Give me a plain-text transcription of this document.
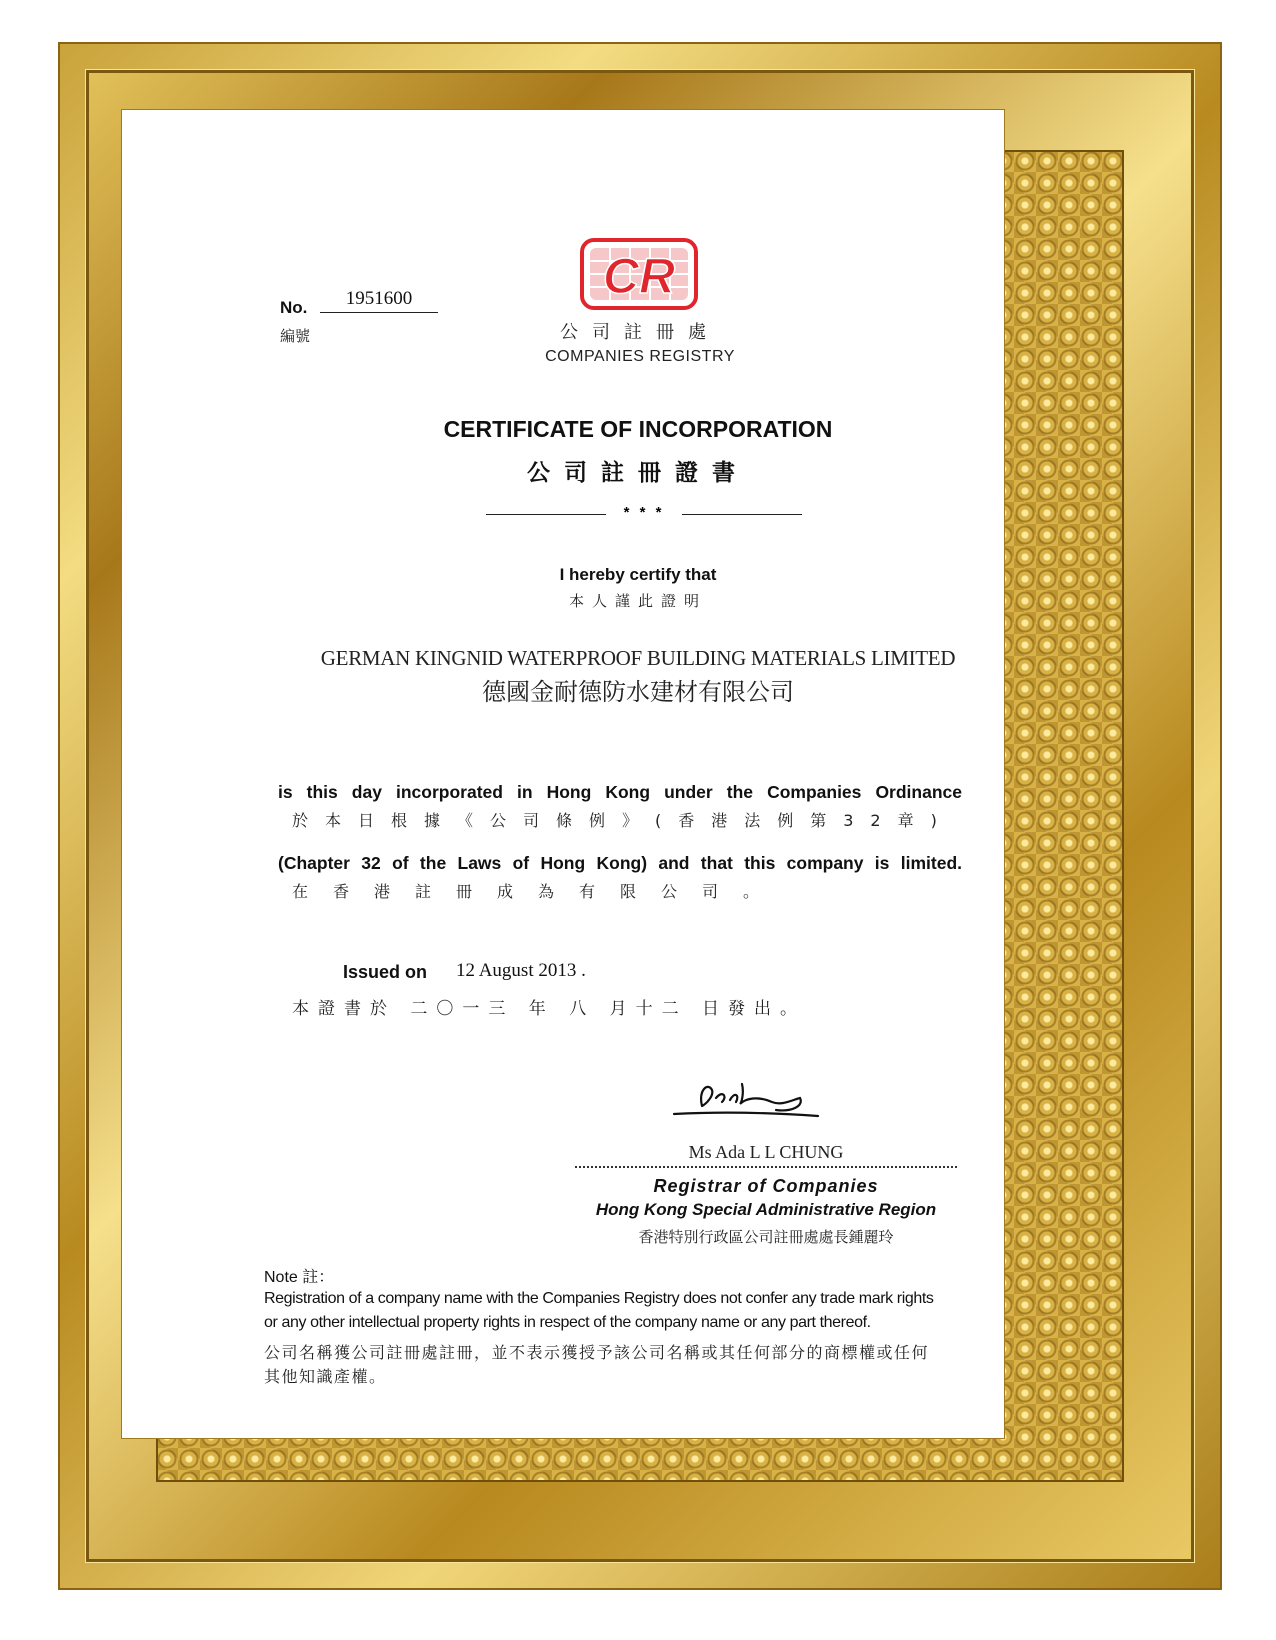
No.	1951600
編號
CR
公司註冊處
COMPANIES REGISTRY
CERTIFICATE OF INCORPORATION
公司註冊證書
* * *
I hereby certify that
本人謹此證明
GERMAN KINGNID WATERPROOF BUILDING MATERIALS LIMITED
德國金耐德防水建材有限公司
is this day incorporated in Hong Kong under the Companies Ordinance
於本日根據《公司條例》(香港法例第32章)
(Chapter 32 of the Laws of Hong Kong) and that this company is limited.
在香港註冊成為有限公司。
Issued on 12 August 2013 .
本證書於 二〇一三 年 八 月十二 日發出。
Ms Ada L L CHUNG
Registrar of Companies
Hong Kong Special Administrative Region
香港特別行政區公司註冊處處長鍾麗玲
Note 註：
Registration of a company name with the Companies Registry does not confer any trade mark rights
or any other intellectual property rights in respect of the company name or any part thereof.
公司名稱獲公司註冊處註冊，並不表示獲授予該公司名稱或其任何部分的商標權或任何
其他知識產權。
